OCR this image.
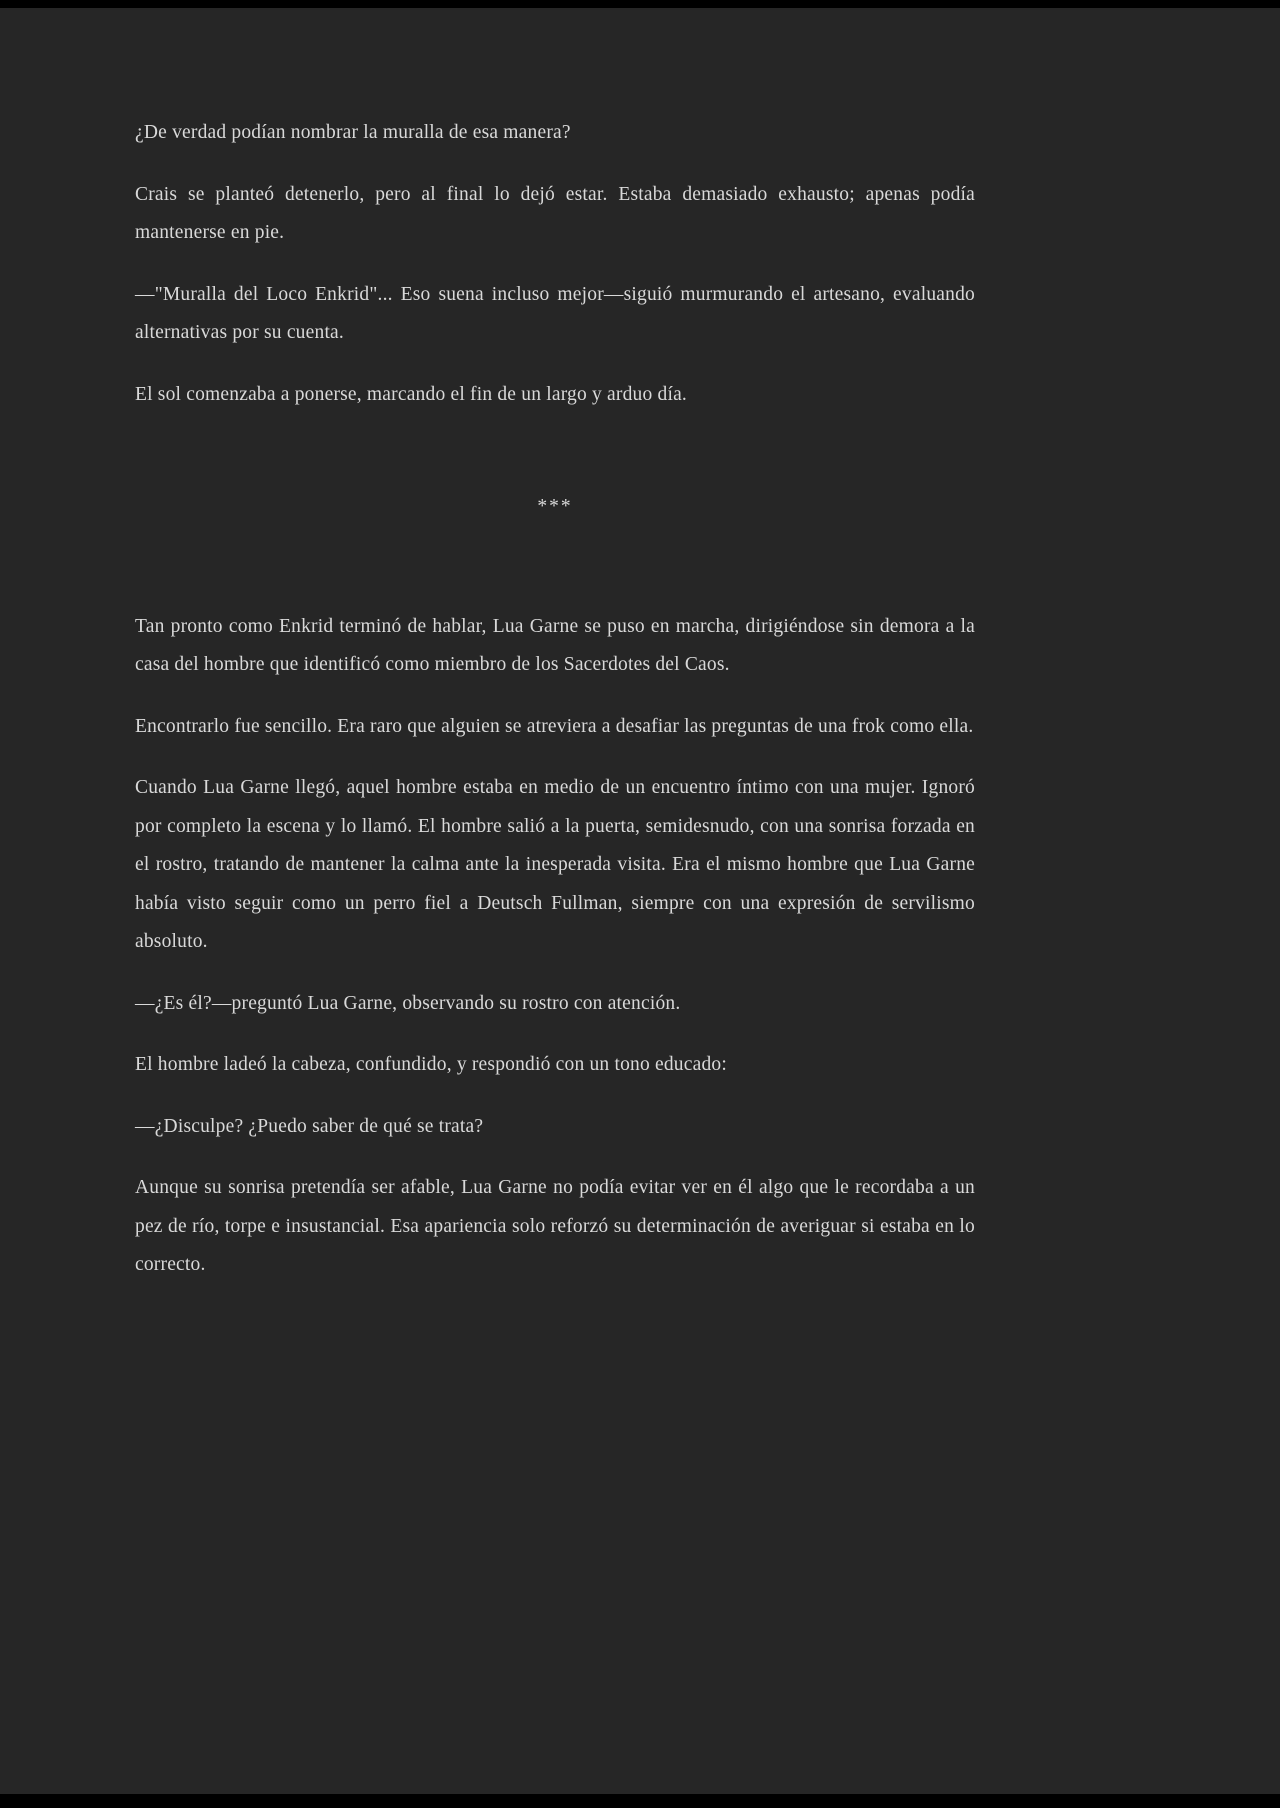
¿De verdad podían nombrar la muralla de esa manera?

Crais se planteó detenerlo, pero al final lo dejó estar. Estaba demasiado exhausto; apenas podía mantenerse en pie.

—"Muralla del Loco Enkrid"... Eso suena incluso mejor—siguió murmurando el artesano, evaluando alternativas por su cuenta.

El sol comenzaba a ponerse, marcando el fin de un largo y arduo día.

***

Tan pronto como Enkrid terminó de hablar, Lua Garne se puso en marcha, dirigiéndose sin demora a la casa del hombre que identificó como miembro de los Sacerdotes del Caos.

Encontrarlo fue sencillo. Era raro que alguien se atreviera a desafiar las preguntas de una frok como ella.

Cuando Lua Garne llegó, aquel hombre estaba en medio de un encuentro íntimo con una mujer. Ignoró por completo la escena y lo llamó. El hombre salió a la puerta, semidesnudo, con una sonrisa forzada en el rostro, tratando de mantener la calma ante la inesperada visita. Era el mismo hombre que Lua Garne había visto seguir como un perro fiel a Deutsch Fullman, siempre con una expresión de servilismo absoluto.

—¿Es él?—preguntó Lua Garne, observando su rostro con atención.

El hombre ladeó la cabeza, confundido, y respondió con un tono educado:

—¿Disculpe? ¿Puedo saber de qué se trata?

Aunque su sonrisa pretendía ser afable, Lua Garne no podía evitar ver en él algo que le recordaba a un pez de río, torpe e insustancial. Esa apariencia solo reforzó su determinación de averiguar si estaba en lo correcto.
